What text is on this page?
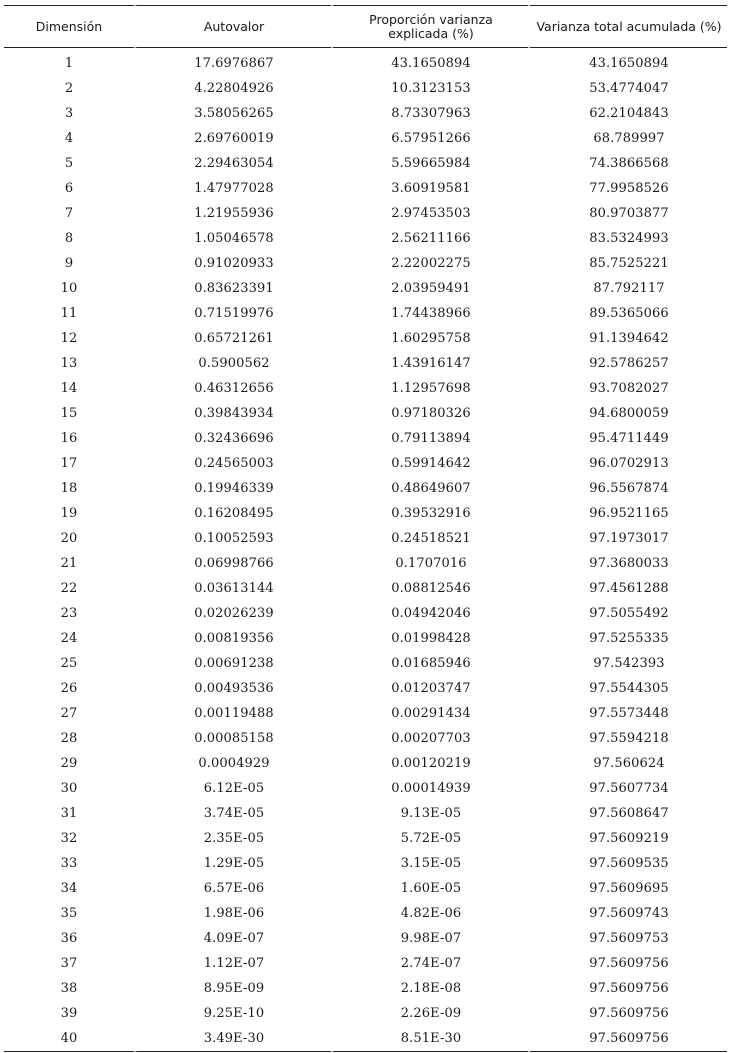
Dimensión	Autovalor	Proporción varianza explicada (%)	Varianza total acumulada (%)
1	17.6976867	43.1650894	43.1650894
2	4.22804926	10.3123153	53.4774047
3	3.58056265	8.73307963	62.2104843
4	2.69760019	6.57951266	68.789997
5	2.29463054	5.59665984	74.3866568
6	1.47977028	3.60919581	77.9958526
7	1.21955936	2.97453503	80.9703877
8	1.05046578	2.56211166	83.5324993
9	0.91020933	2.22002275	85.7525221
10	0.83623391	2.03959491	87.792117
11	0.71519976	1.74438966	89.5365066
12	0.65721261	1.60295758	91.1394642
13	0.5900562	1.43916147	92.5786257
14	0.46312656	1.12957698	93.7082027
15	0.39843934	0.97180326	94.6800059
16	0.32436696	0.79113894	95.4711449
17	0.24565003	0.59914642	96.0702913
18	0.19946339	0.48649607	96.5567874
19	0.16208495	0.39532916	96.9521165
20	0.10052593	0.24518521	97.1973017
21	0.06998766	0.1707016	97.3680033
22	0.03613144	0.08812546	97.4561288
23	0.02026239	0.04942046	97.5055492
24	0.00819356	0.01998428	97.5255335
25	0.00691238	0.01685946	97.542393
26	0.00493536	0.01203747	97.5544305
27	0.00119488	0.00291434	97.5573448
28	0.00085158	0.00207703	97.5594218
29	0.0004929	0.00120219	97.560624
30	6.12E-05	0.00014939	97.5607734
31	3.74E-05	9.13E-05	97.5608647
32	2.35E-05	5.72E-05	97.5609219
33	1.29E-05	3.15E-05	97.5609535
34	6.57E-06	1.60E-05	97.5609695
35	1.98E-06	4.82E-06	97.5609743
36	4.09E-07	9.98E-07	97.5609753
37	1.12E-07	2.74E-07	97.5609756
38	8.95E-09	2.18E-08	97.5609756
39	9.25E-10	2.26E-09	97.5609756
40	3.49E-30	8.51E-30	97.5609756
